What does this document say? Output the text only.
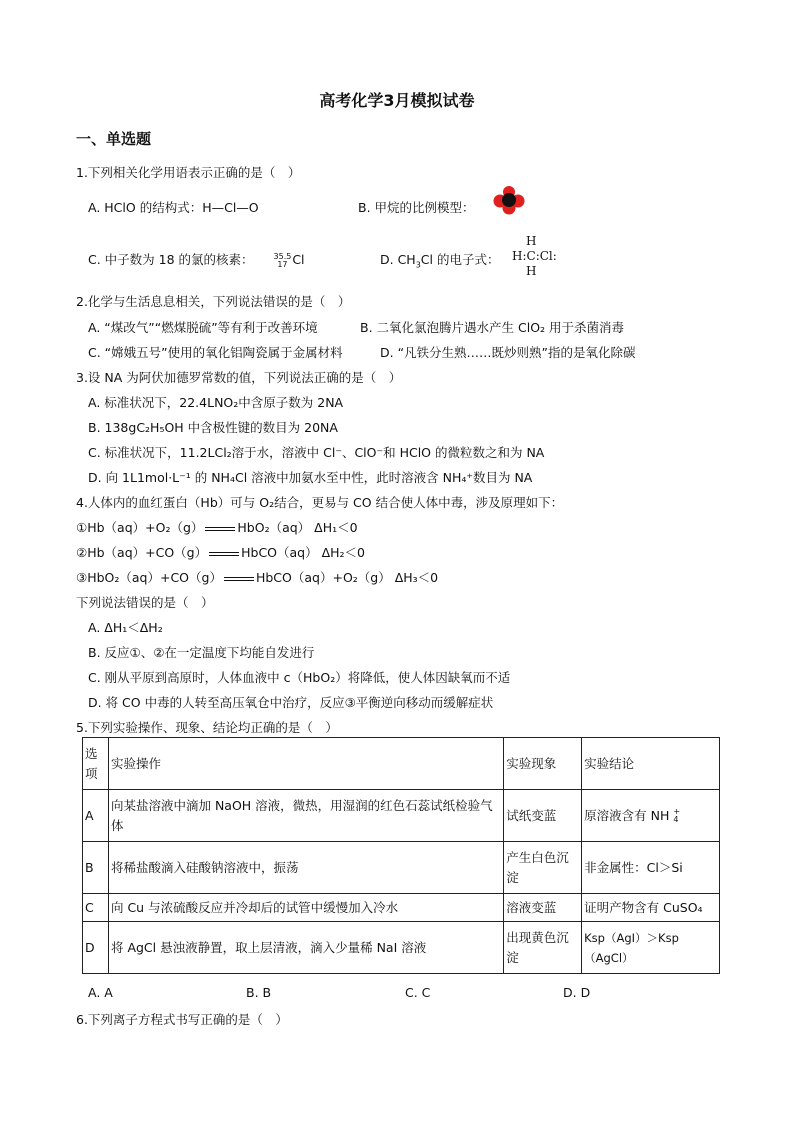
高考化学3月模拟试卷
一、单选题
1.下列相关化学用语表示正确的是（　）
A. HClO 的结构式：H—Cl—O	B. 甲烷的比例模型：
C. 中子数为 18 的氯的核素： 35.5
17 Cl	D. $CH_3Cl$ 的电子式：
H
H:C:Cl:
H
2.化学与生活息息相关，下列说法错误的是（　）
A. “煤改气”“燃煤脱硫”等有利于改善环境	B. 二氧化氯泡腾片遇水产生 ClO₂ 用于杀菌消毒
C. “嫦娥五号”使用的氧化铝陶瓷属于金属材料	D. “凡铁分生熟……既炒则熟”指的是氧化除碳
3.设 NA 为阿伏加德罗常数的值，下列说法正确的是（　）
A. 标准状况下，22.4LNO₂中含原子数为 2NA
B. 138gC₂H₅OH 中含极性键的数目为 20NA
C. 标准状况下，11.2LCl₂溶于水，溶液中 Cl⁻、ClO⁻和 HClO 的微粒数之和为 NA
D. 向 1L1mol·L⁻¹ 的 NH₄Cl 溶液中加氨水至中性，此时溶液含 NH₄⁺数目为 NA
4.人体内的血红蛋白（Hb）可与 O₂结合，更易与 CO 结合使人体中毒，涉及原理如下：
①Hb（aq）+O₂（g）	HbO₂（aq） ΔH₁＜0
②Hb（aq）+CO（g）	HbCO（aq） ΔH₂＜0
③HbO₂（aq）+CO（g）	HbCO（aq）+O₂（g） ΔH₃＜0
下列说法错误的是（　）
A. ΔH₁＜ΔH₂
B. 反应①、②在一定温度下均能自发进行
C. 刚从平原到高原时，人体血液中 c（HbO₂）将降低，使人体因缺氧而不适
D. 将 CO 中毒的人转至高压氧仓中治疗，反应③平衡逆向移动而缓解症状
5.下列实验操作、现象、结论均正确的是（　）
选项	实验操作	实验现象	实验结论
A	向某盐溶液中滴加 NaOH 溶液，微热，用湿润的红色石蕊试纸检验气体	试纸变蓝	原溶液含有 NH +
4

B	将稀盐酸滴入硅酸钠溶液中，振荡	产生白色沉淀	非金属性：Cl＞Si
C	向 Cu 与浓硫酸反应并冷却后的试管中缓慢加入冷水	溶液变蓝	证明产物含有 CuSO₄
D	将 AgCl 悬浊液静置，取上层清液，滴入少量稀 NaI 溶液	出现黄色沉淀	Ksp（AgI）＞Ksp（AgCl）
A. A	B. B	C. C	D. D
6.下列离子方程式书写正确的是（　）
